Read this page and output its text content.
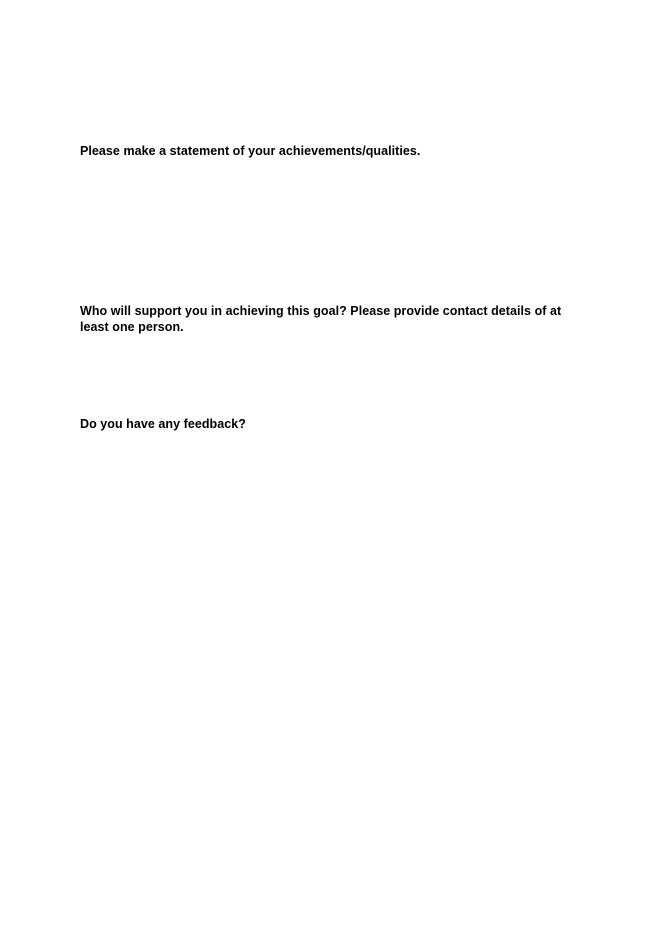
Please make a statement of your achievements/qualities.

Who will support you in achieving this goal? Please provide contact details of at least one person.

Do you have any feedback?
